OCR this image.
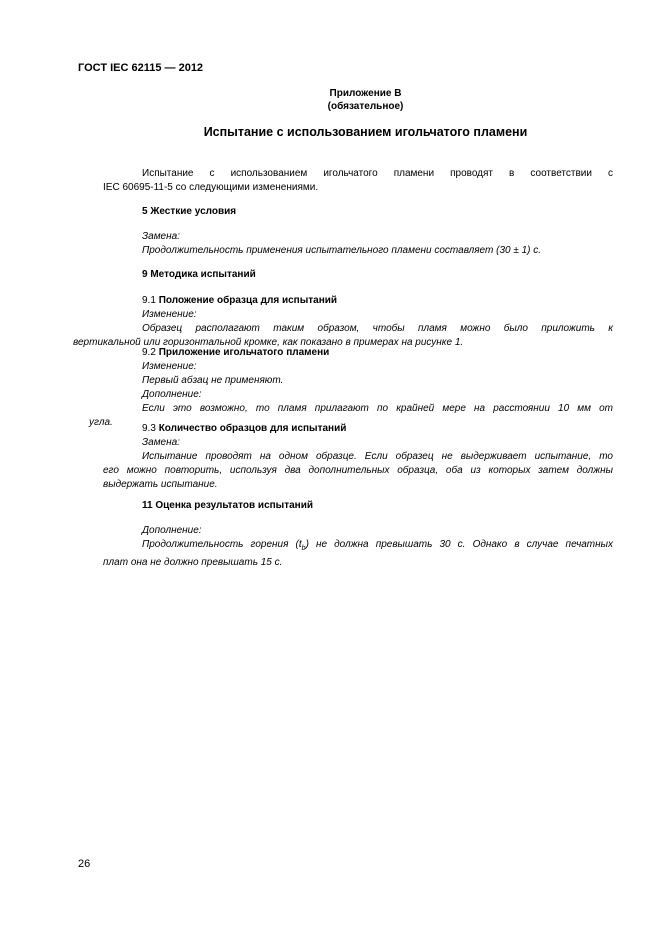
ГОСТ IEC 62115 — 2012
Приложение В
(обязательное)
Испытание с использованием игольчатого пламени
Испытание с использованием игольчатого пламени проводят в соответствии с
IEC 60695-11-5 со следующими изменениями.
5 Жесткие условия
Замена:
Продолжительность применения испытательного пламени составляет (30 ± 1) с.
9 Методика испытаний
9.1 Положение образца для испытаний
Изменение:
Образец располагают таким образом, чтобы пламя можно было приложить к
вертикальной или горизонтальной кромке, как показано в примерах на рисунке 1.
9.2 Приложение игольчатого пламени
Изменение:
Первый абзац не применяют.
Дополнение:
Если это возможно, то пламя прилагают по крайней мере на расстоянии 10 мм от
угла.
9.3 Количество образцов для испытаний
Замена:
Испытание проводят на одном образце. Если образец не выдерживает испытание, то
его можно повторить, используя два дополнительных образца, оба из которых затем должны
выдержать испытание.
11 Оценка результатов испытаний
Дополнение:
Продолжительность горения $(t_b)$ не должна превышать 30 с. Однако в случае печатных
плат она не должно превышать 15 с.
26
